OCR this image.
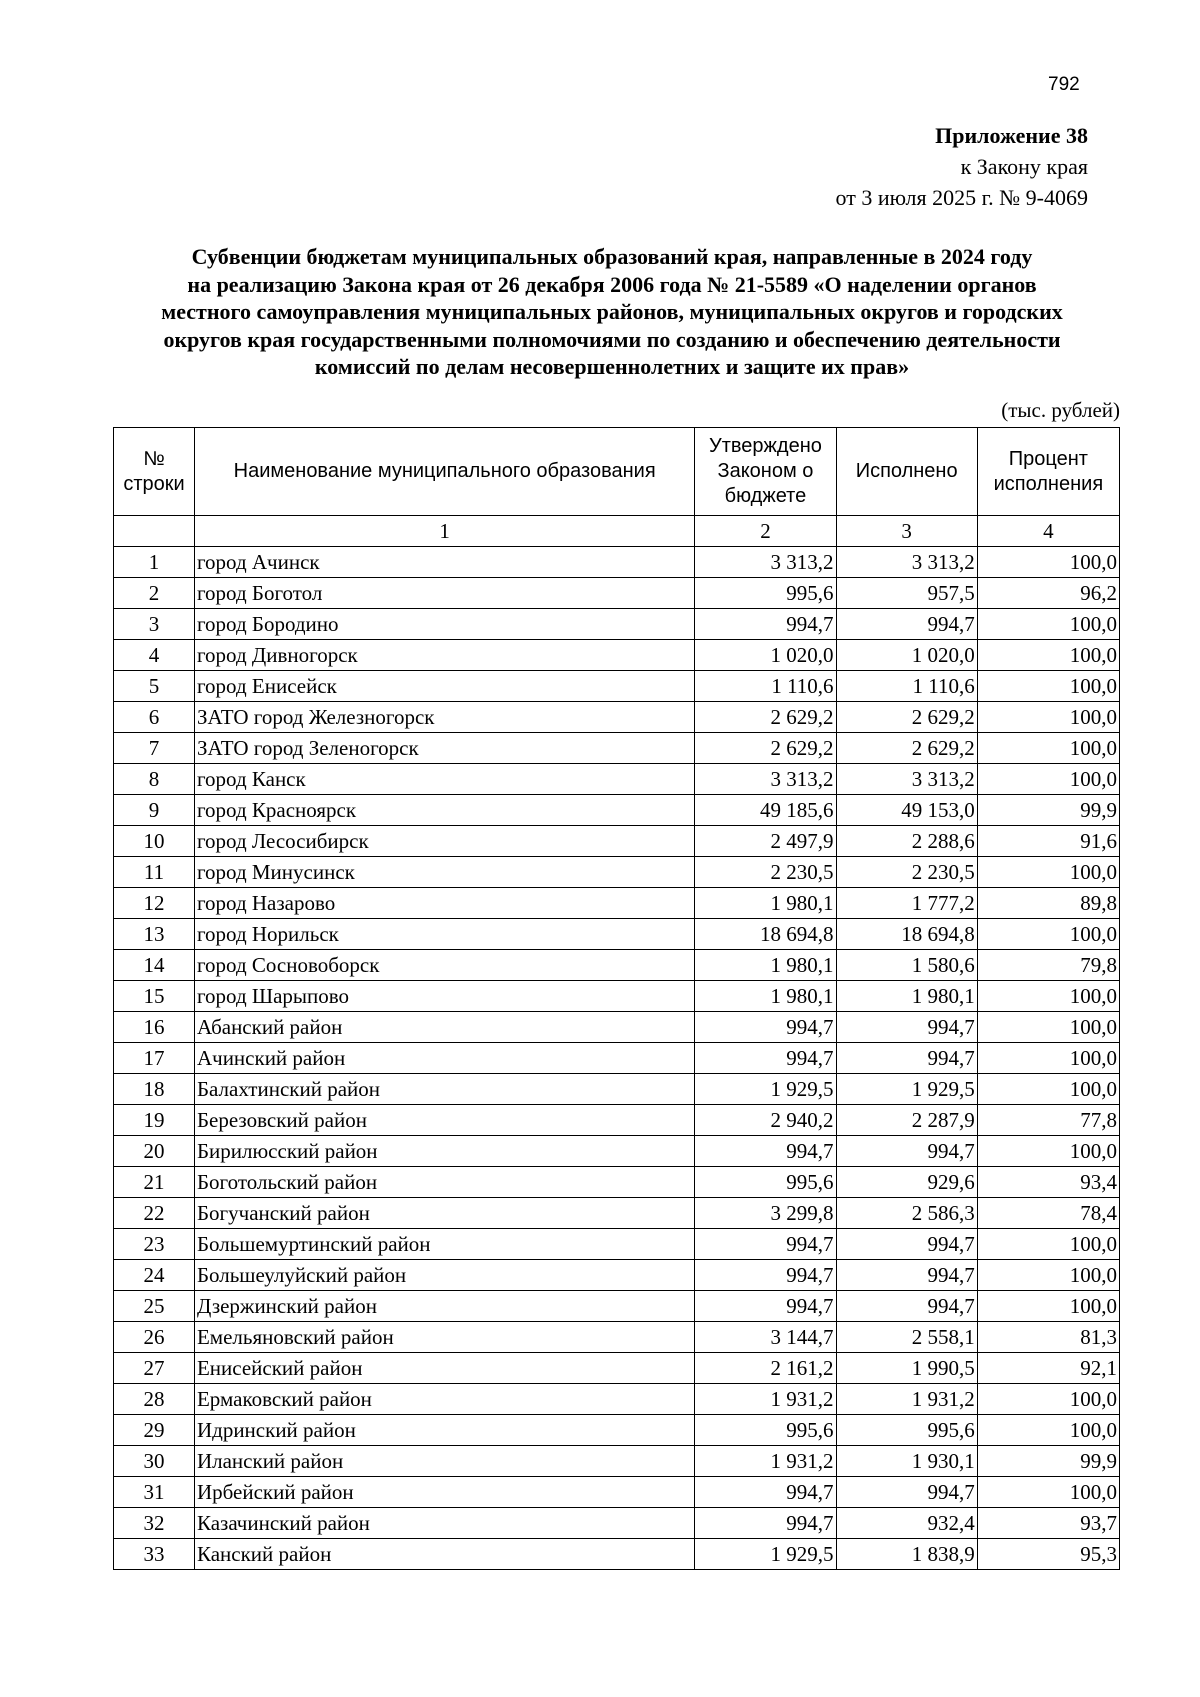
792
Приложение 38
к Закону края
от 3 июля 2025 г. № 9-4069
Субвенции бюджетам муниципальных образований края, направленные в 2024 году
на реализацию Закона края от 26 декабря 2006 года № 21-5589 «О наделении органов
местного самоуправления муниципальных районов, муниципальных округов и городских
округов края государственными полномочиями по созданию и обеспечению деятельности
комиссий по делам несовершеннолетних и защите их прав»
(тыс. рублей)
№ строки	Наименование муниципального образования	Утверждено Законом о бюджете	Исполнено	Процент исполнения
	1	2	3	4
1	город Ачинск	3 313,2	3 313,2	100,0
2	город Боготол	995,6	957,5	96,2
3	город Бородино	994,7	994,7	100,0
4	город Дивногорск	1 020,0	1 020,0	100,0
5	город Енисейск	1 110,6	1 110,6	100,0
6	ЗАТО город Железногорск	2 629,2	2 629,2	100,0
7	ЗАТО город Зеленогорск	2 629,2	2 629,2	100,0
8	город Канск	3 313,2	3 313,2	100,0
9	город Красноярск	49 185,6	49 153,0	99,9
10	город Лесосибирск	2 497,9	2 288,6	91,6
11	город Минусинск	2 230,5	2 230,5	100,0
12	город Назарово	1 980,1	1 777,2	89,8
13	город Норильск	18 694,8	18 694,8	100,0
14	город Сосновоборск	1 980,1	1 580,6	79,8
15	город Шарыпово	1 980,1	1 980,1	100,0
16	Абанский район	994,7	994,7	100,0
17	Ачинский район	994,7	994,7	100,0
18	Балахтинский район	1 929,5	1 929,5	100,0
19	Березовский район	2 940,2	2 287,9	77,8
20	Бирилюсский район	994,7	994,7	100,0
21	Боготольский район	995,6	929,6	93,4
22	Богучанский район	3 299,8	2 586,3	78,4
23	Большемуртинский район	994,7	994,7	100,0
24	Большеулуйский район	994,7	994,7	100,0
25	Дзержинский район	994,7	994,7	100,0
26	Емельяновский район	3 144,7	2 558,1	81,3
27	Енисейский район	2 161,2	1 990,5	92,1
28	Ермаковский район	1 931,2	1 931,2	100,0
29	Идринский район	995,6	995,6	100,0
30	Иланский район	1 931,2	1 930,1	99,9
31	Ирбейский район	994,7	994,7	100,0
32	Казачинский район	994,7	932,4	93,7
33	Канский район	1 929,5	1 838,9	95,3
